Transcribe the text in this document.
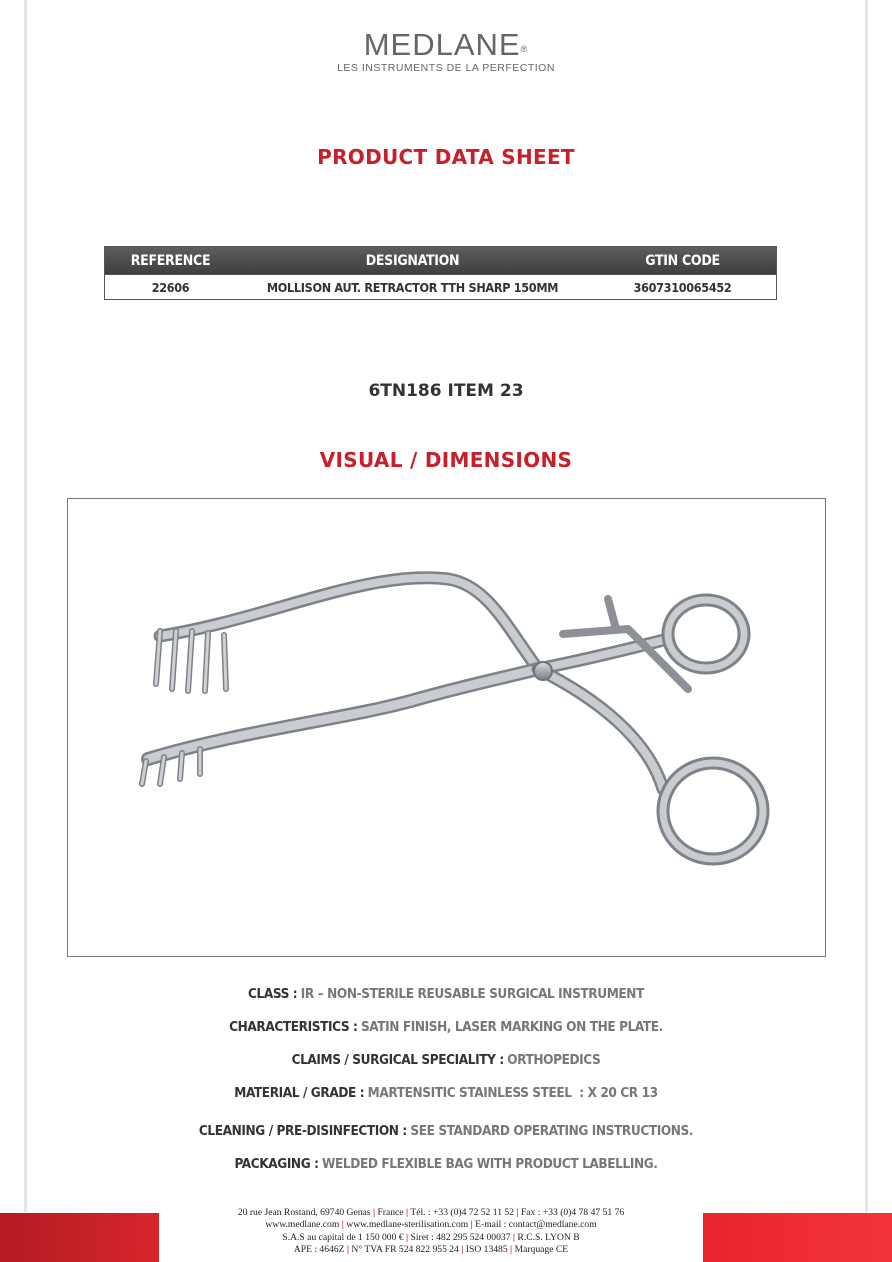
MEDLANE®
LES INSTRUMENTS DE LA PERFECTION
PRODUCT DATA SHEET
REFERENCE	DESIGNATION	GTIN CODE
22606	MOLLISON AUT. RETRACTOR TTH SHARP 150MM	3607310065452
6TN186 ITEM 23
VISUAL / DIMENSIONS
CLASS : IR – NON-STERILE REUSABLE SURGICAL INSTRUMENT
CHARACTERISTICS : SATIN FINISH, LASER MARKING ON THE PLATE.
CLAIMS / SURGICAL SPECIALITY : ORTHOPEDICS
MATERIAL / GRADE : MARTENSITIC STAINLESS STEEL  : X 20 CR 13
CLEANING / PRE-DISINFECTION : SEE STANDARD OPERATING INSTRUCTIONS.
PACKAGING : WELDED FLEXIBLE BAG WITH PRODUCT LABELLING.
20 rue Jean Rostand, 69740 Genas | France | Tél. : +33 (0)4 72 52 11 52 | Fax : +33 (0)4 78 47 51 76
www.medlane.com | www.medlane-sterilisation.com | E-mail : contact@medlane.com
S.A.S au capital de 1 150 000 € | Siret : 482 295 524 00037 | R.C.S. LYON B
APE : 4646Z | N° TVA FR 524 822 955 24 | ISO 13485 | Marquage CE
